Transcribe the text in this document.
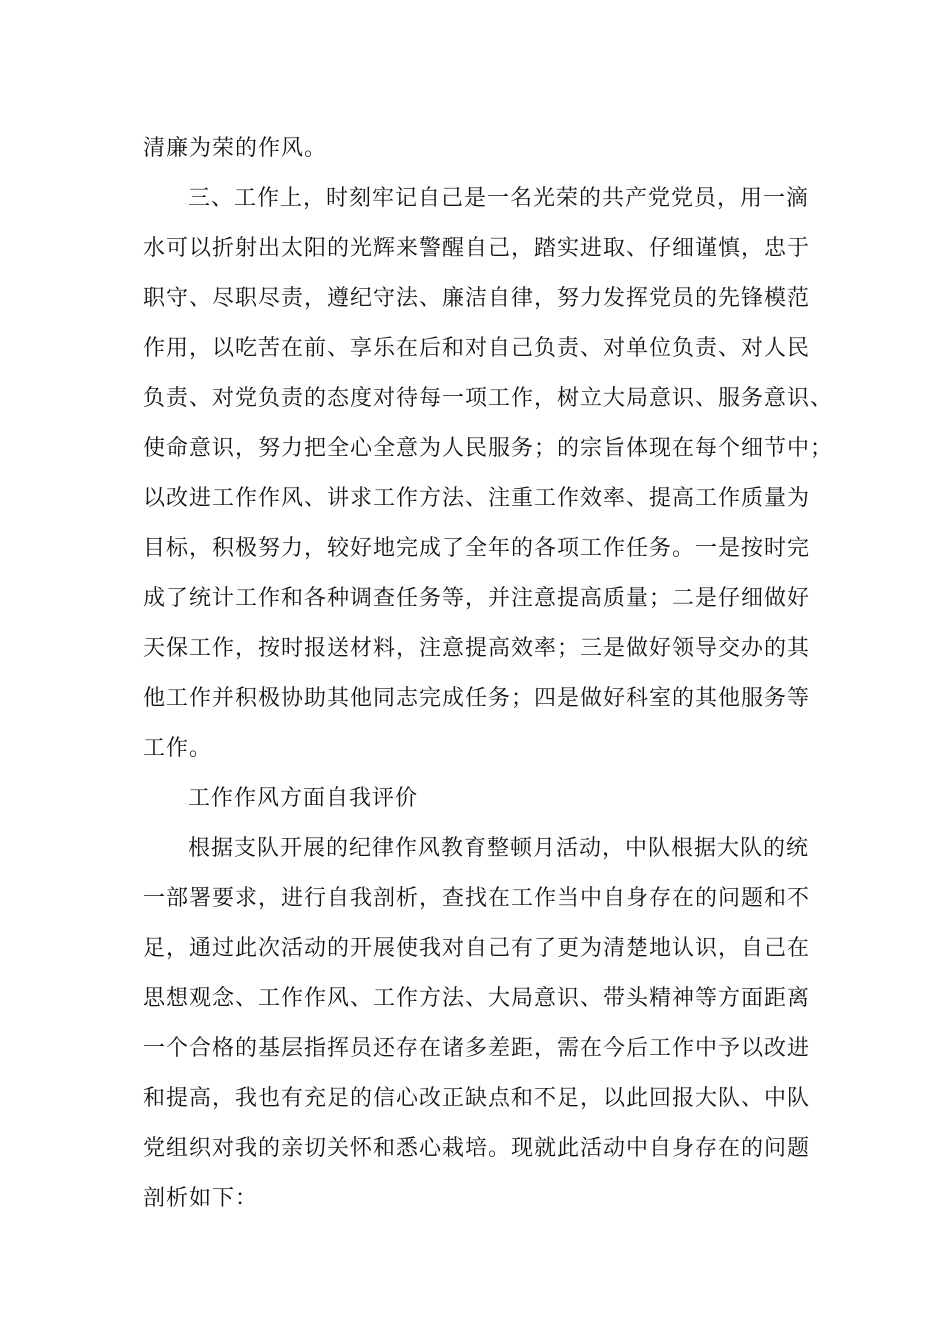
清廉为荣的作风。
三、工作上，时刻牢记自己是一名光荣的共产党党员，用一滴
水可以折射出太阳的光辉来警醒自己，踏实进取、仔细谨慎，忠于
职守、尽职尽责，遵纪守法、廉洁自律，努力发挥党员的先锋模范
作用，以吃苦在前、享乐在后和对自己负责、对单位负责、对人民
负责、对党负责的态度对待每一项工作，树立大局意识、服务意识、
使命意识，努力把全心全意为人民服务；的宗旨体现在每个细节中；
以改进工作作风、讲求工作方法、注重工作效率、提高工作质量为
目标，积极努力，较好地完成了全年的各项工作任务。一是按时完
成了统计工作和各种调查任务等，并注意提高质量；二是仔细做好
天保工作，按时报送材料，注意提高效率；三是做好领导交办的其
他工作并积极协助其他同志完成任务；四是做好科室的其他服务等
工作。
工作作风方面自我评价
根据支队开展的纪律作风教育整顿月活动，中队根据大队的统
一部署要求，进行自我剖析，查找在工作当中自身存在的问题和不
足，通过此次活动的开展使我对自己有了更为清楚地认识，自己在
思想观念、工作作风、工作方法、大局意识、带头精神等方面距离
一个合格的基层指挥员还存在诸多差距，需在今后工作中予以改进
和提高，我也有充足的信心改正缺点和不足，以此回报大队、中队
党组织对我的亲切关怀和悉心栽培。现就此活动中自身存在的问题
剖析如下：
